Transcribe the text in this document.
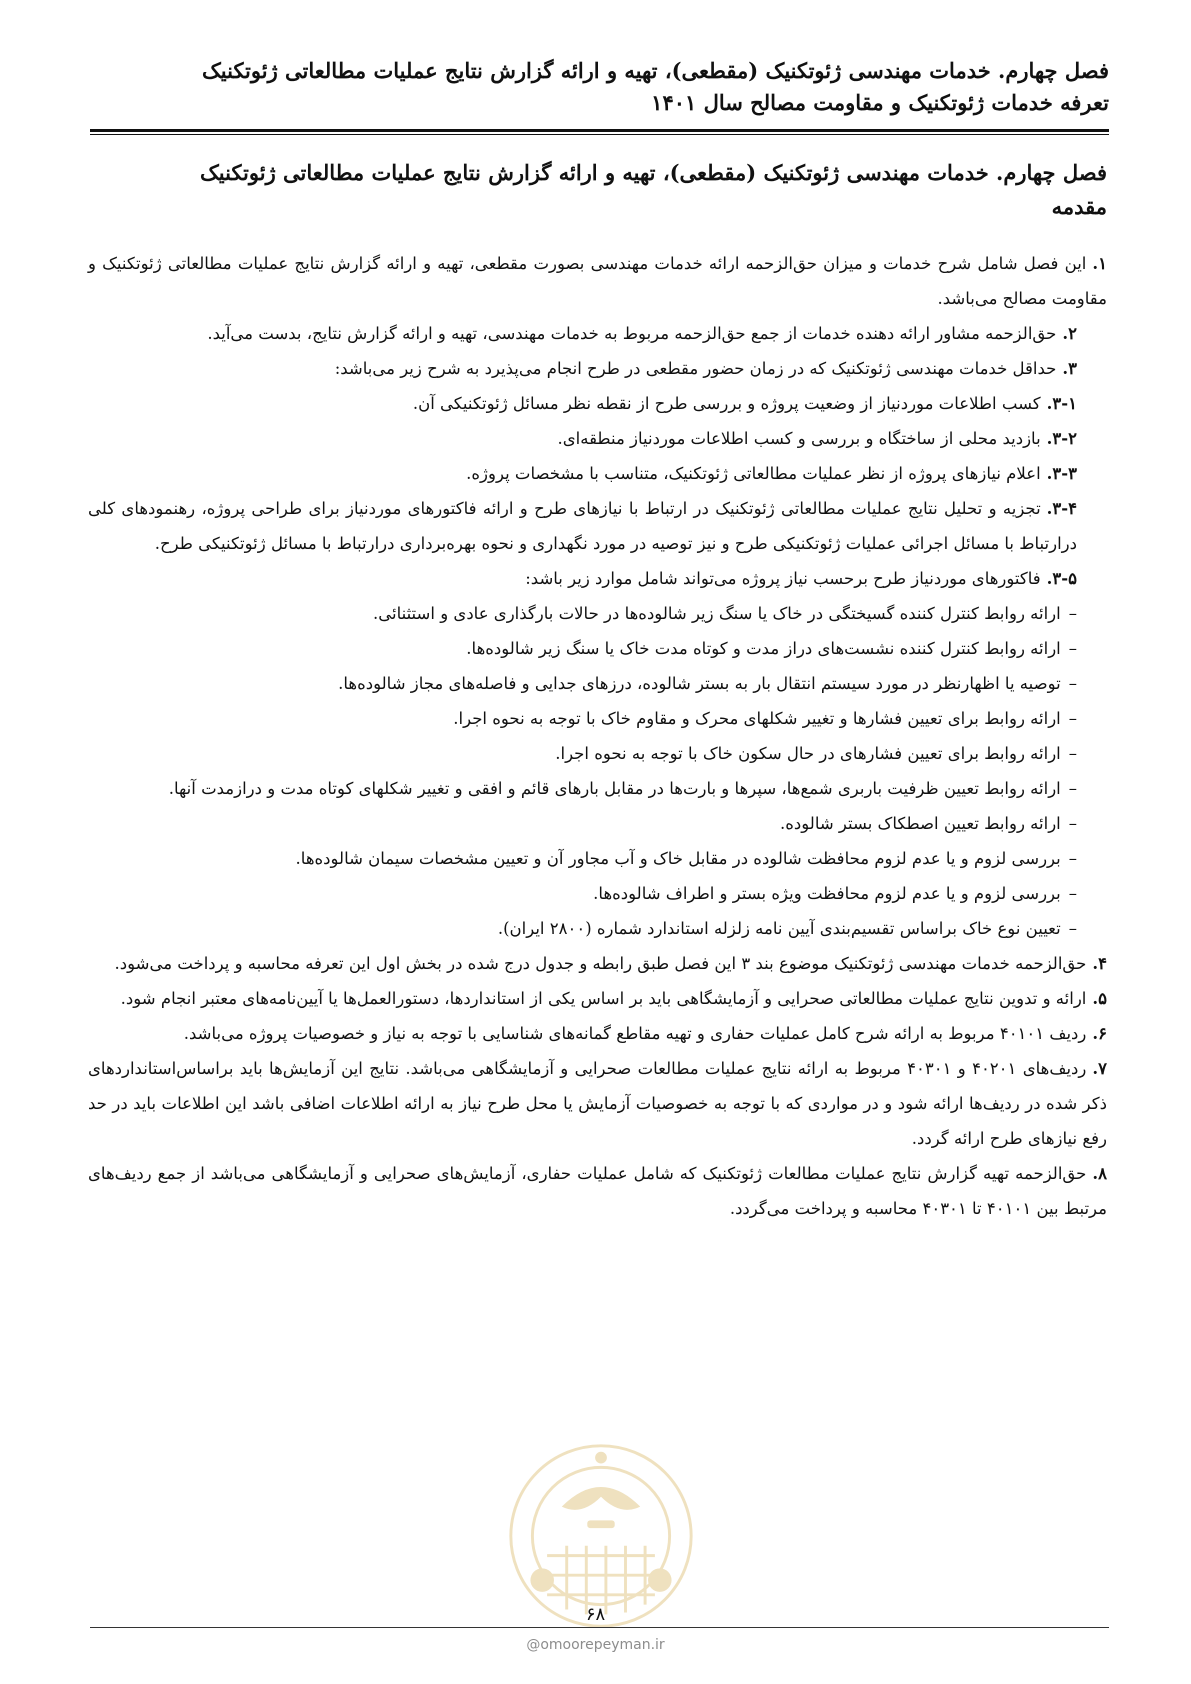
فصل چهارم. خدمات مهندسی ژئوتکنیک (مقطعی)، تهیه و ارائه گزارش نتایج عملیات مطالعاتی ژئوتکنیک
تعرفه خدمات ژئوتکنیک و مقاومت مصالح سال ۱۴۰۱
فصل چهارم. خدمات مهندسی ژئوتکنیک (مقطعی)، تهیه و ارائه گزارش نتایج عملیات مطالعاتی ژئوتکنیک
مقدمه
۱.این فصل شامل شرح خدمات و میزان حق‌الزحمه ارائه خدمات مهندسی بصورت مقطعی، تهیه و ارائه گزارش نتایج عملیات مطالعاتی ژئوتکنیک و مقاومت مصالح می‌باشد.
۲.حق‌الزحمه مشاور ارائه دهنده خدمات از جمع حق‌الزحمه مربوط به خدمات مهندسی، تهیه و ارائه گزارش نتایج، بدست می‌آید.
۳.حداقل خدمات مهندسی ژئوتکنیک که در زمان حضور مقطعی در طرح انجام می‌پذیرد به شرح زیر می‌باشد:
۳-۱.کسب اطلاعات موردنیاز از وضعیت پروژه و بررسی طرح از نقطه نظر مسائل ژئوتکنیکی آن.
۳-۲.بازدید محلی از ساختگاه و بررسی و کسب اطلاعات موردنیاز منطقه‌ای.
۳-۳.اعلام نیازهای پروژه از نظر عملیات مطالعاتی ژئوتکنیک، متناسب با مشخصات پروژه.
۳-۴.تجزیه و تحلیل نتایج عملیات مطالعاتی ژئوتکنیک در ارتباط با نیازهای طرح و ارائه فاکتورهای موردنیاز برای طراحی پروژه، رهنمودهای کلی درارتباط با مسائل اجرائی عملیات ژئوتکنیکی طرح و نیز توصیه در مورد نگهداری و نحوه بهره‌برداری درارتباط با مسائل ژئوتکنیکی طرح.
۳-۵.فاکتورهای موردنیاز طرح برحسب نیاز پروژه می‌تواند شامل موارد زیر باشد:
–ارائه روابط کنترل کننده گسیختگی در خاک یا سنگ زیر شالوده‌ها در حالات بارگذاری عادی و استثنائی.
–ارائه روابط کنترل کننده نشست‌های دراز مدت و کوتاه مدت خاک یا سنگ زیر شالوده‌ها.
–توصیه یا اظهارنظر در مورد سیستم انتقال بار به بستر شالوده، درزهای جدایی و فاصله‌های مجاز شالوده‌ها.
–ارائه روابط برای تعیین فشارها و تغییر شکلهای محرک و مقاوم خاک با توجه به نحوه اجرا.
–ارائه روابط برای تعیین فشارهای در حال سکون خاک با توجه به نحوه اجرا.
–ارائه روابط تعیین ظرفیت باربری شمع‌ها، سپرها و بارت‌ها در مقابل بارهای قائم و افقی و تغییر شکلهای کوتاه مدت و درازمدت آنها.
–ارائه روابط تعیین اصطکاک بستر شالوده.
–بررسی لزوم و یا عدم لزوم محافظت شالوده در مقابل خاک و آب مجاور آن و تعیین مشخصات سیمان شالوده‌ها.
–بررسی لزوم و یا عدم لزوم محافظت ویژه بستر و اطراف شالوده‌ها.
–تعیین نوع خاک براساس تقسیم‌بندی آیین نامه زلزله استاندارد شماره (۲۸۰۰ ایران).
۴.حق‌الزحمه خدمات مهندسی ژئوتکنیک موضوع بند ۳ این فصل طبق رابطه و جدول درج شده در بخش اول این تعرفه محاسبه و پرداخت می‌شود.
۵.ارائه و تدوین نتایج عملیات مطالعاتی صحرایی و آزمایشگاهی باید بر اساس یکی از استانداردها، دستورالعمل‌ها یا آیین‌نامه‌های معتبر انجام شود.
۶.ردیف ۴۰۱۰۱ مربوط به ارائه شرح کامل عملیات حفاری و تهیه مقاطع گمانه‌های شناسایی با توجه به نیاز و خصوصیات پروژه می‌باشد.
۷.ردیف‌های ۴۰۲۰۱ و ۴۰۳۰۱ مربوط به ارائه نتایج عملیات مطالعات صحرایی و آزمایشگاهی می‌باشد. نتایج این آزمایش‌ها باید براساس‌استانداردهای ذکر شده در ردیف‌ها ارائه شود و در مواردی که با توجه به خصوصیات آزمایش یا محل طرح نیاز به ارائه اطلاعات اضافی باشد این اطلاعات باید در حد رفع نیازهای طرح ارائه گردد.
۸.حق‌الزحمه تهیه گزارش نتایج عملیات مطالعات ژئوتکنیک که شامل عملیات حفاری، آزمایش‌های صحرایی و آزمایشگاهی می‌باشد از جمع ردیف‌های مرتبط بین ۴۰۱۰۱ تا ۴۰۳۰۱ محاسبه و پرداخت می‌گردد.
۶۸
@omoorepeyman.ir
